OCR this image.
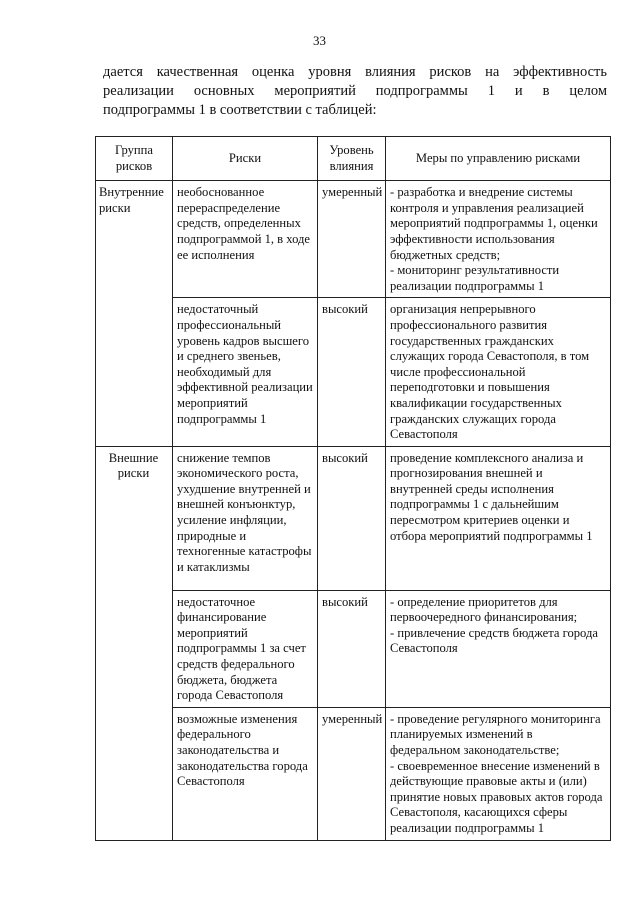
33
дается качественная оценка уровня влияния рисков на эффективность
реализации основных мероприятий подпрограммы 1 и в целом
подпрограммы 1 в соответствии с таблицей:
Группа рисков	Риски	Уровень влияния	Меры по управлению рисками
Внутренние риски	необоснованное перераспределение средств, определенных подпрограммой 1, в ходе ее исполнения	умеренный	- разработка и внедрение системы контроля и управления реализацией мероприятий подпрограммы 1, оценки эффективности использования бюджетных средств;
- мониторинг результативности реализации подпрограммы 1
	недостаточный профессиональный уровень кадров высшего и среднего звеньев, необходимый для эффективной реализации мероприятий подпрограммы 1	высокий	организация непрерывного профессионального развития государственных гражданских служащих города Севастополя, в том числе профессиональной переподготовки и повышения квалификации государственных гражданских служащих города Севастополя
Внешние риски	снижение темпов экономического роста, ухудшение внутренней и внешней конъюнктур, усиление инфляции, природные и техногенные катастрофы и катаклизмы	высокий	проведение комплексного анализа и прогнозирования внешней и внутренней среды исполнения подпрограммы 1 с дальнейшим пересмотром критериев оценки и отбора мероприятий подпрограммы 1
	недостаточное финансирование мероприятий подпрограммы 1 за счет средств федерального бюджета, бюджета города Севастополя	высокий	- определение приоритетов для первоочередного финансирования;
- привлечение средств бюджета города Севастополя
	возможные изменения федерального законодательства и законодательства города Севастополя	умеренный	- проведение регулярного мониторинга планируемых изменений в федеральном законодательстве;
- своевременное внесение изменений в действующие правовые акты и (или) принятие новых правовых актов города Севастополя, касающихся сферы реализации подпрограммы 1
